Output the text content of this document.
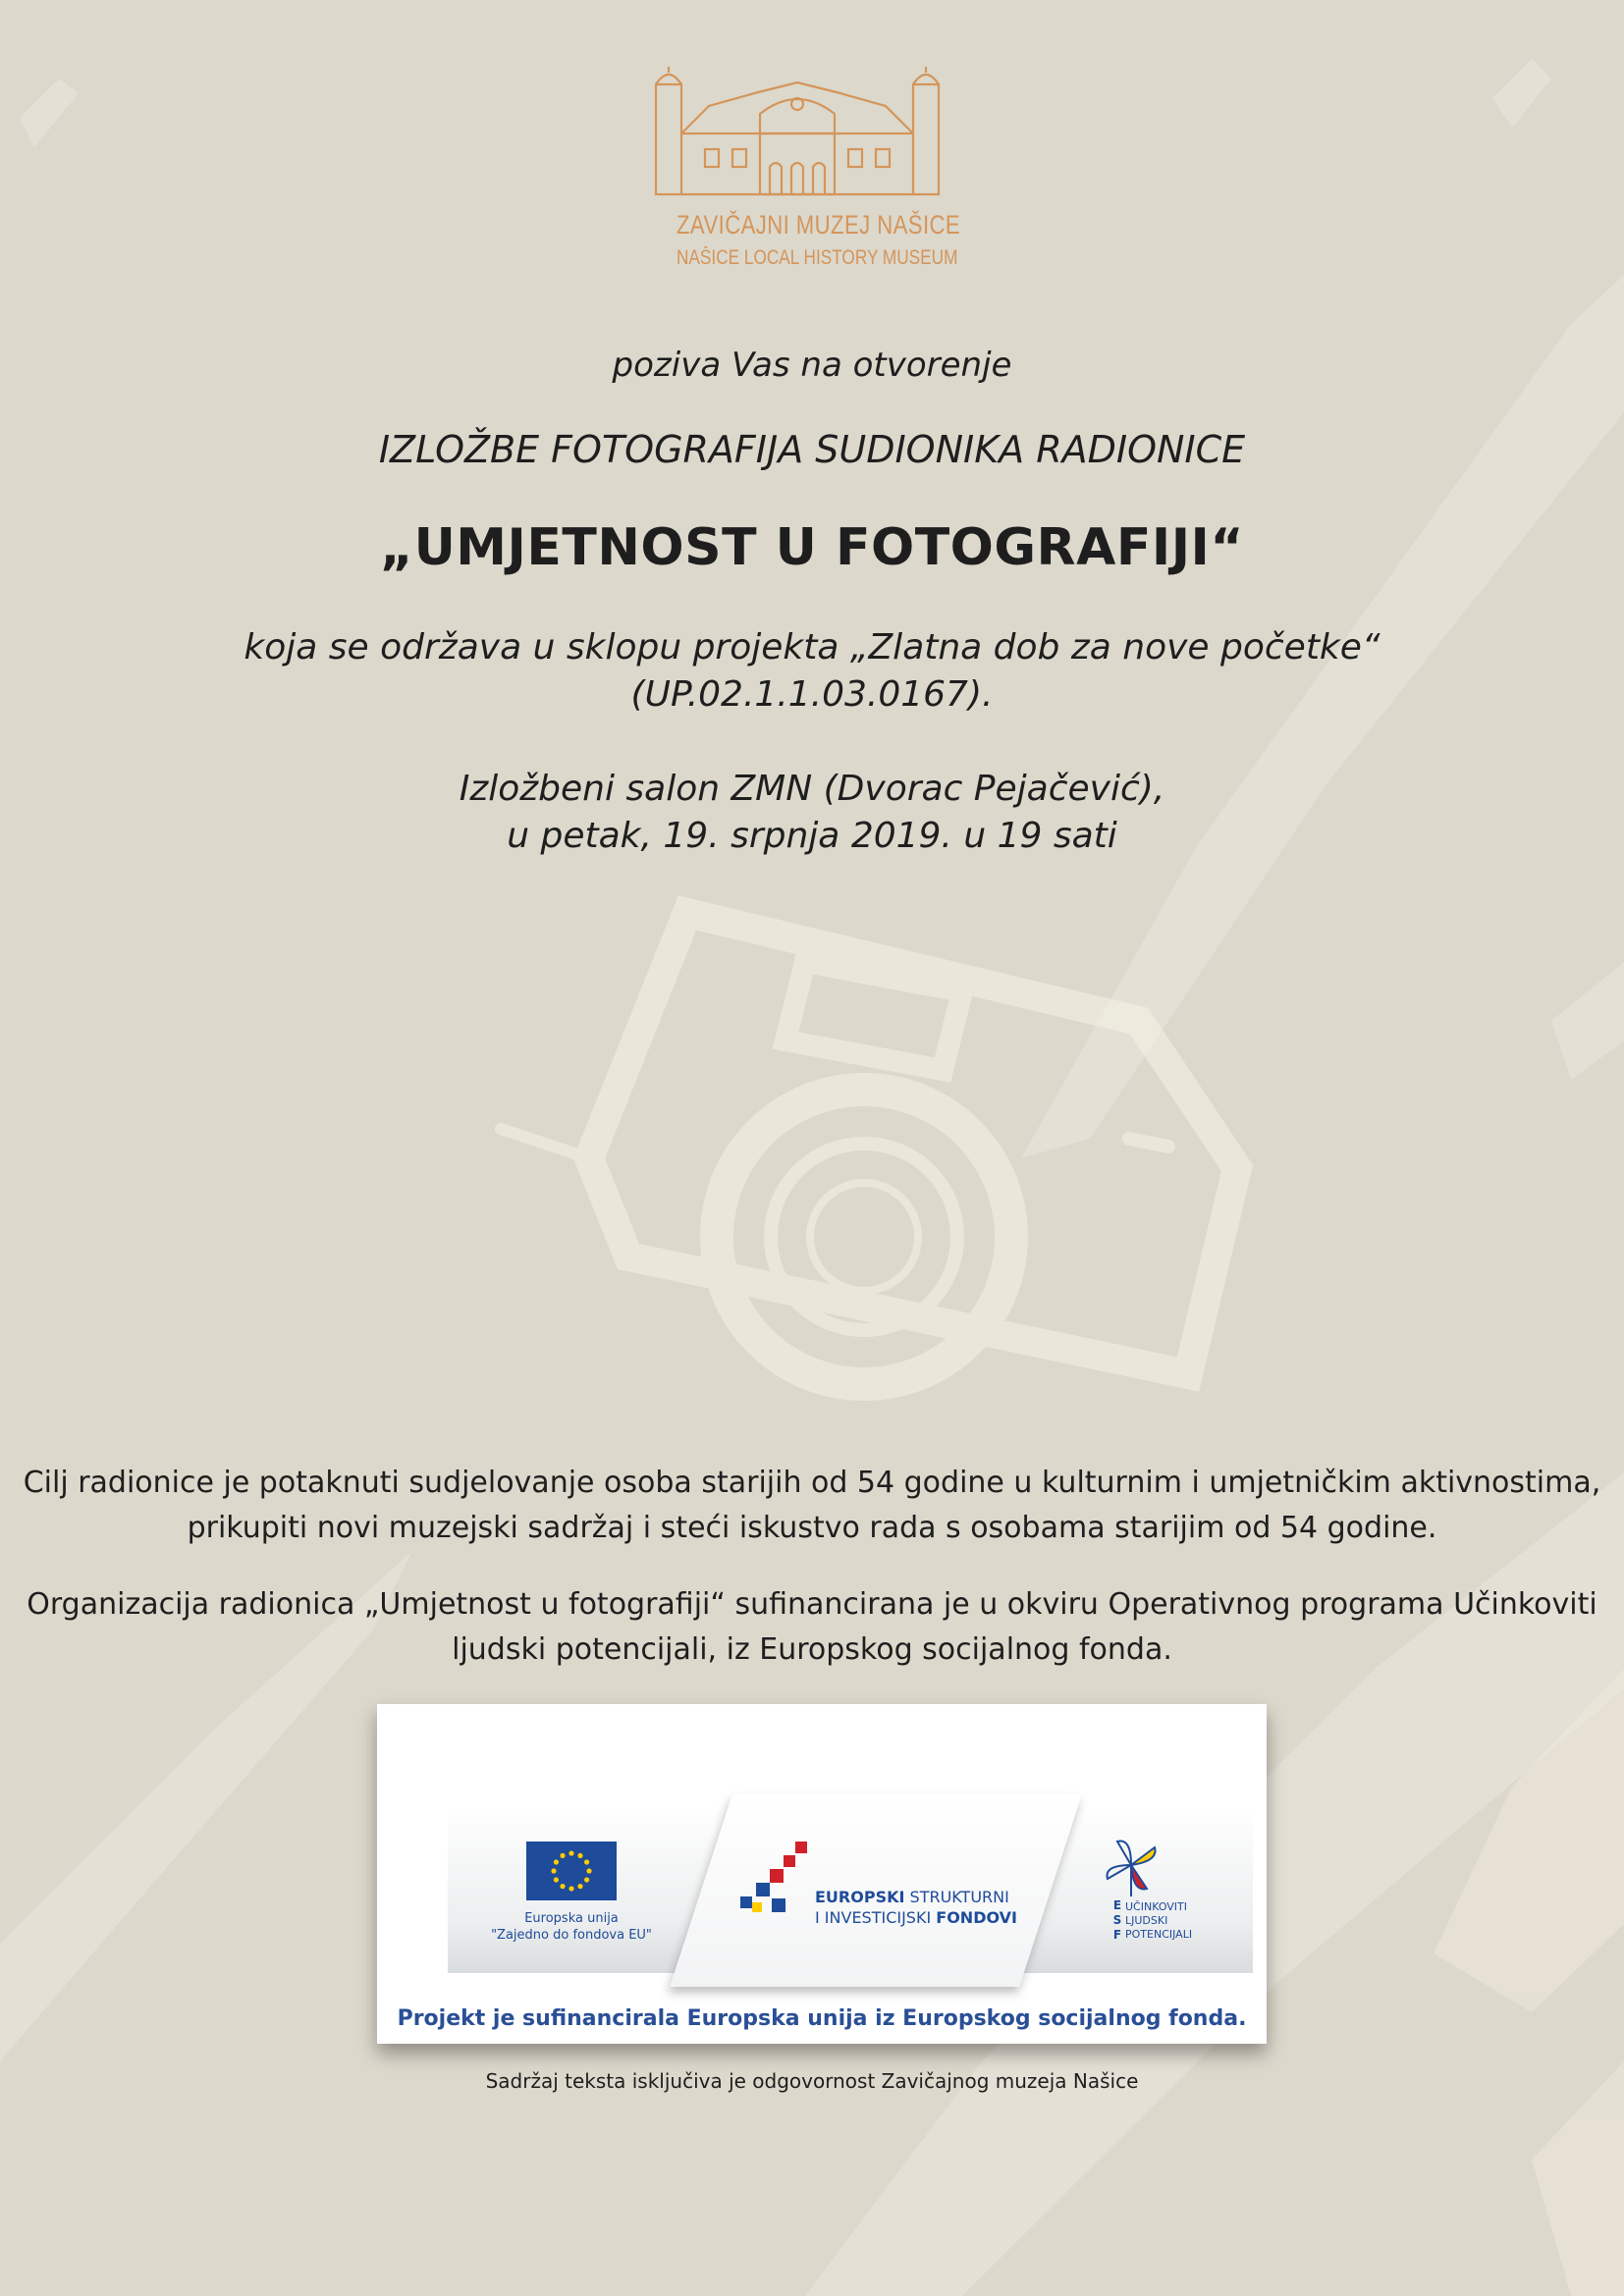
ZAVIČAJNI MUZEJ NAŠICE
NAŠICE LOCAL HISTORY MUSEUM
poziva Vas na otvorenje
IZLOŽBE FOTOGRAFIJA SUDIONIKA RADIONICE
„UMJETNOST U FOTOGRAFIJI“
koja se održava u sklopu projekta „Zlatna dob za nove početke“
(UP.02.1.1.03.0167).
Izložbeni salon ZMN (Dvorac Pejačević),
u petak, 19. srpnja 2019. u 19 sati
Cilj radionice je potaknuti sudjelovanje osoba starijih od 54 godine u kulturnim i umjetničkim aktivnostima,
prikupiti novi muzejski sadržaj i steći iskustvo rada s osobama starijim od 54 godine.
Organizacija radionica „Umjetnost u fotografiji“ sufinancirana je u okviru Operativnog programa Učinkoviti
ljudski potencijali, iz Europskog socijalnog fonda.
Europska unija
"Zajedno do fondova EU"
EUROPSKI STRUKTURNI
I INVESTICIJSKI FONDOVI
E
S
F
UČINKOVITI
LJUDSKI
POTENCIJALI
Projekt je sufinancirala Europska unija iz Europskog socijalnog fonda.
Sadržaj teksta isključiva je odgovornost Zavičajnog muzeja Našice
